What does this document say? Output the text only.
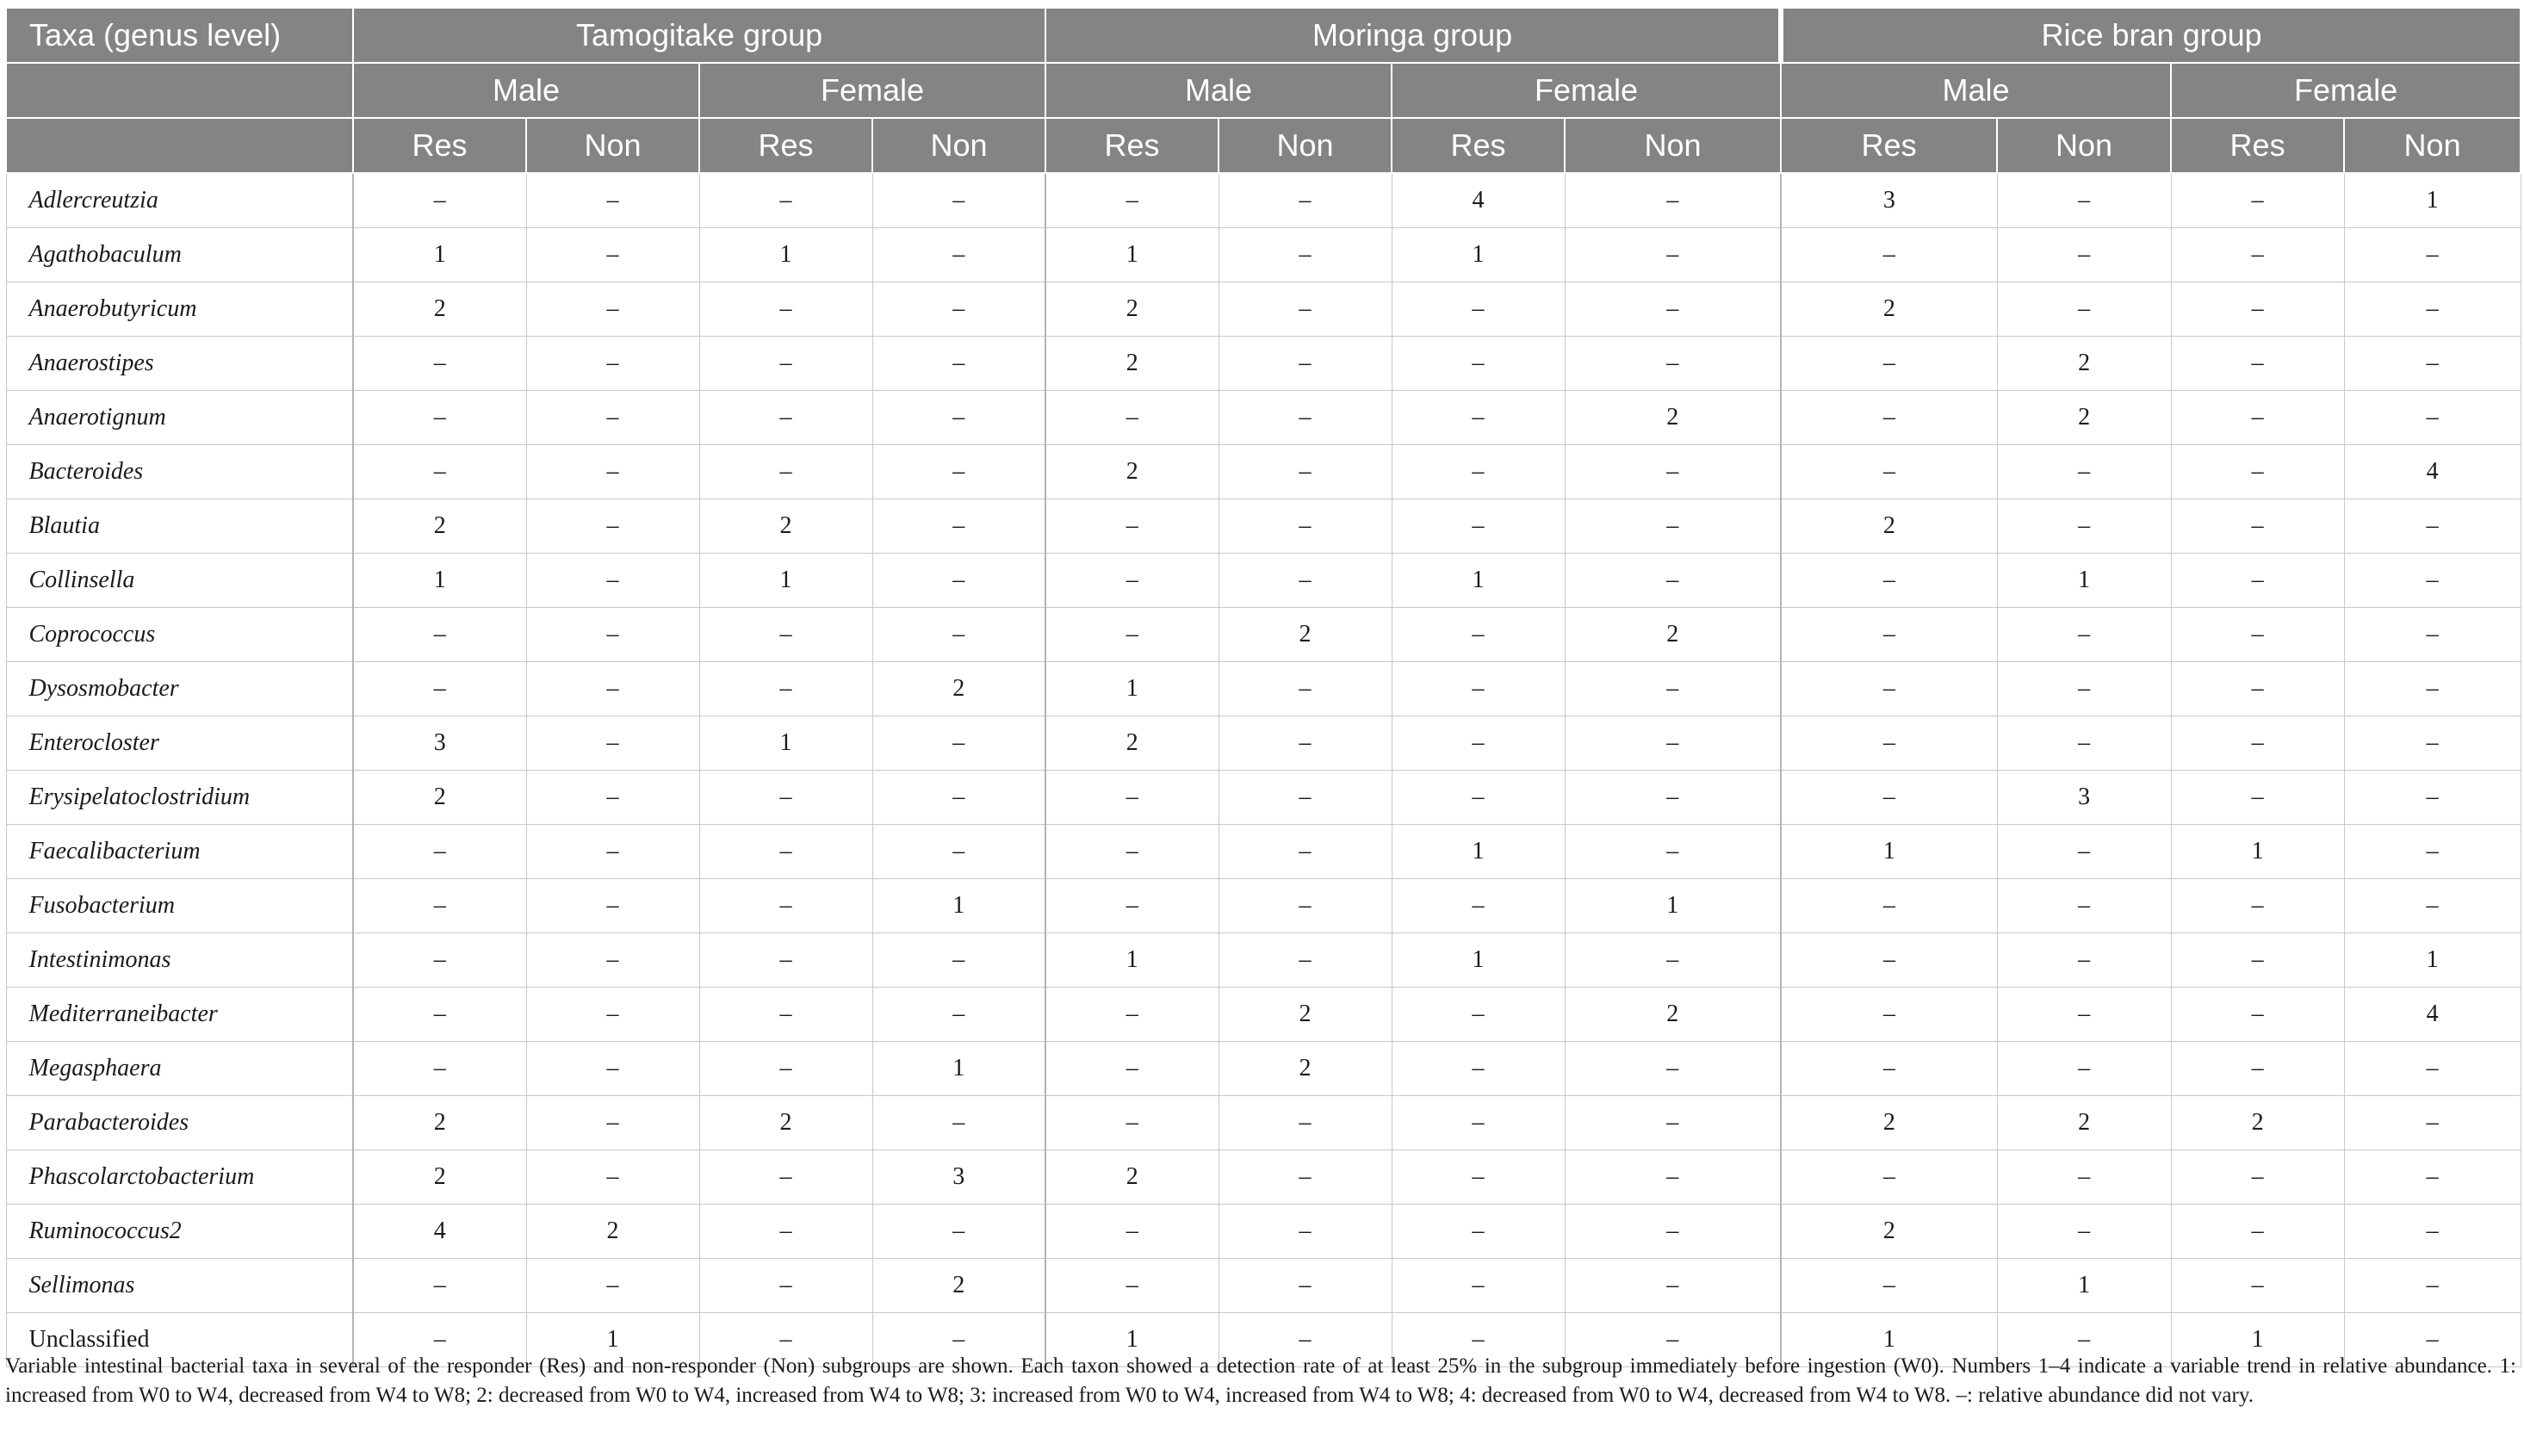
Taxa (genus level)	Tamogitake group				Moringa group				Rice bran group			
	Male		Female		Male		Female		Male		Female	
	Res	Non	Res	Non	Res	Non	Res	Non	Res	Non	Res	Non
Adlercreutzia	–	–	–	–	–	–	4	–	3	–	–	1
Agathobaculum	1	–	1	–	1	–	1	–	–	–	–	–
Anaerobutyricum	2	–	–	–	2	–	–	–	2	–	–	–
Anaerostipes	–	–	–	–	2	–	–	–	–	2	–	–
Anaerotignum	–	–	–	–	–	–	–	2	–	2	–	–
Bacteroides	–	–	–	–	2	–	–	–	–	–	–	4
Blautia	2	–	2	–	–	–	–	–	2	–	–	–
Collinsella	1	–	1	–	–	–	1	–	–	1	–	–
Coprococcus	–	–	–	–	–	2	–	2	–	–	–	–
Dysosmobacter	–	–	–	2	1	–	–	–	–	–	–	–
Enterocloster	3	–	1	–	2	–	–	–	–	–	–	–
Erysipelatoclostridium	2	–	–	–	–	–	–	–	–	3	–	–
Faecalibacterium	–	–	–	–	–	–	1	–	1	–	1	–
Fusobacterium	–	–	–	1	–	–	–	1	–	–	–	–
Intestinimonas	–	–	–	–	1	–	1	–	–	–	–	1
Mediterraneibacter	–	–	–	–	–	2	–	2	–	–	–	4
Megasphaera	–	–	–	1	–	2	–	–	–	–	–	–
Parabacteroides	2	–	2	–	–	–	–	–	2	2	2	–
Phascolarctobacterium	2	–	–	3	2	–	–	–	–	–	–	–
Ruminococcus2	4	2	–	–	–	–	–	–	2	–	–	–
Sellimonas	–	–	–	2	–	–	–	–	–	1	–	–
Unclassified	–	1	–	–	1	–	–	–	1	–	1	–
Variable intestinal bacterial taxa in several of the responder (Res) and non-responder (Non) subgroups are shown. Each taxon showed a detection rate of at least 25% in the subgroup immediately before ingestion (W0). Numbers 1–4 indicate a variable trend in relative abundance. 1: increased from W0 to W4, decreased from W4 to W8; 2: decreased from W0 to W4, increased from W4 to W8; 3: increased from W0 to W4, increased from W4 to W8; 4: decreased from W0 to W4, decreased from W4 to W8. –: relative abundance did not vary.
